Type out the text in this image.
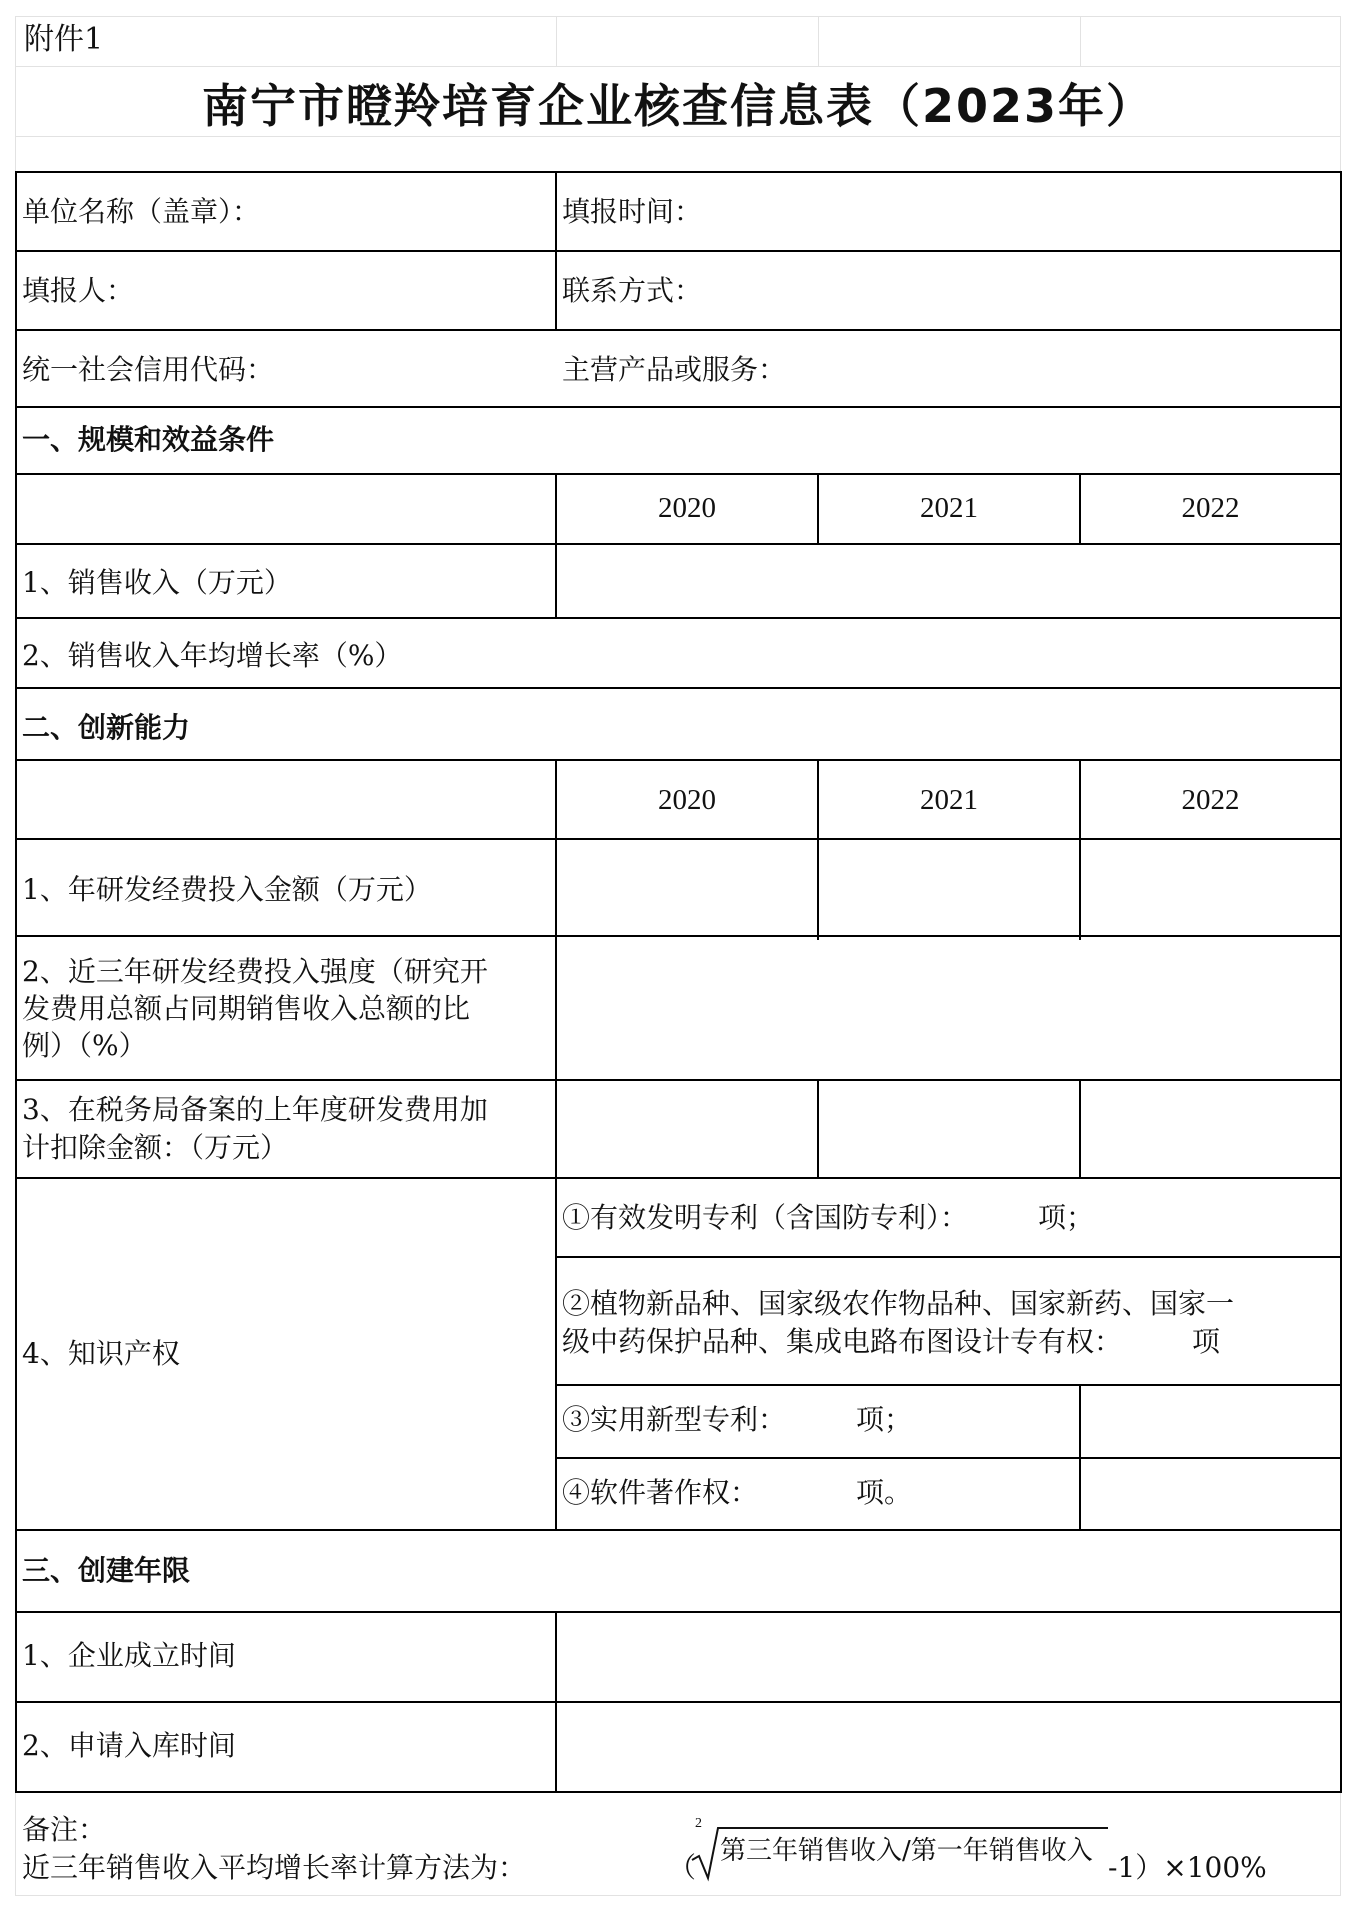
附件1
南宁市瞪羚培育企业核查信息表（2023年）
单位名称（盖章）：	填报时间：
填报人：	联系方式：
统一社会信用代码：	主营产品或服务：
一、规模和效益条件
2020	2021	2022
1、销售收入（万元）
2、销售收入年均增长率（%）
二、创新能力
2020	2021	2022
1、年研发经费投入金额（万元）
2、近三年研发经费投入强度（研究开
发费用总额占同期销售收入总额的比
例）（%）
3、在税务局备案的上年度研发费用加
计扣除金额：（万元）
4、知识产权
①有效发明专利（含国防专利）：　　　项；
②植物新品种、国家级农作物品种、国家新药、国家一
级中药保护品种、集成电路布图设计专有权：　　　项
③实用新型专利：　　　项；
④软件著作权：　　　　项。
三、创建年限
1、企业成立时间
2、申请入库时间
备注：
近三年销售收入平均增长率计算方法为：	（
2
第三年销售收入/第一年销售收入 -1）×100%
